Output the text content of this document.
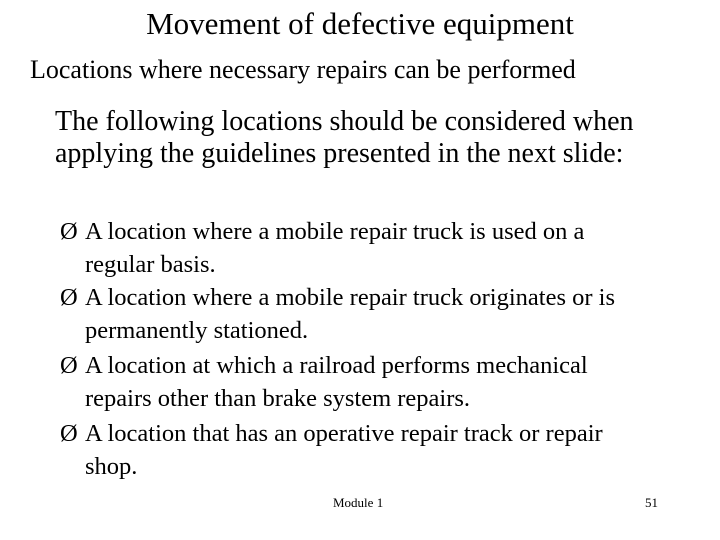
Movement of defective equipment
Locations where necessary repairs can be performed
The following locations should be considered when applying the guidelines presented in the next slide:
Ø A location where a mobile repair truck is used on a
regular basis.
Ø A location where a mobile repair truck originates or is
permanently stationed.
Ø A location at which a railroad performs mechanical
repairs other than brake system repairs.
Ø A location that has an operative repair track or repair
shop.
Module 1	51
